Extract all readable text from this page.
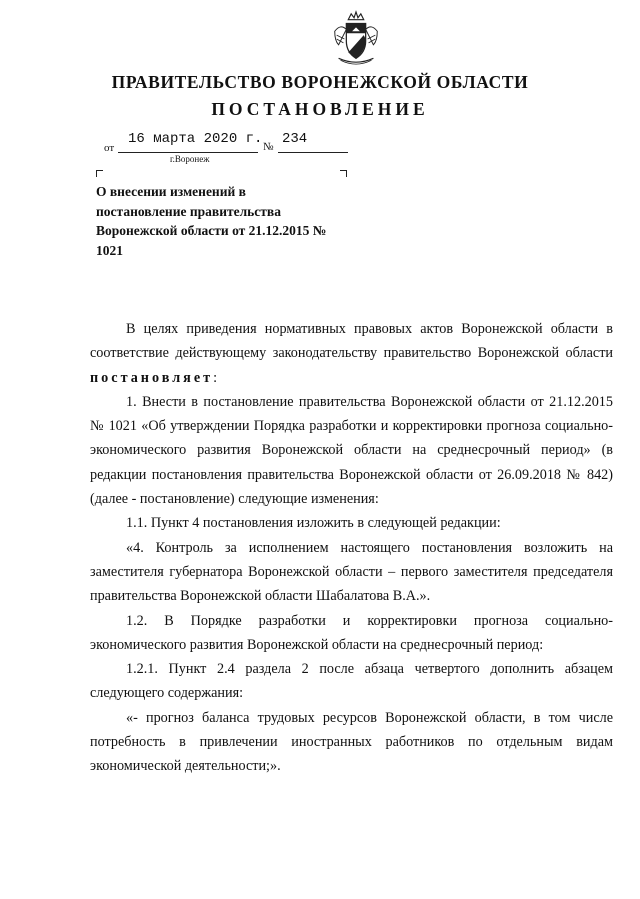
ПРАВИТЕЛЬСТВО ВОРОНЕЖСКОЙ ОБЛАСТИ
ПОСТАНОВЛЕНИЕ
от
16 марта 2020 г. № 234
г.Воронеж
О внесении изменений в постановление правительства Воронежской области от 21.12.2015 № 1021

В целях приведения нормативных правовых актов Воронежской области в соответствие действующему законодательству правительство Воронежской области постановляет:

1. Внести в постановление правительства Воронежской области от 21.12.2015 № 1021 «Об утверждении Порядка разработки и корректировки прогноза социально-экономического развития Воронежской области на среднесрочный период» (в редакции постановления правительства Воронежской области от 26.09.2018 № 842) (далее - постановление) следующие изменения:

1.1. Пункт 4 постановления изложить в следующей редакции:

«4. Контроль за исполнением настоящего постановления возложить на заместителя губернатора Воронежской области – первого заместителя председателя правительства Воронежской области Шабалатова В.А.».

1.2. В Порядке разработки и корректировки прогноза социально-экономического развития Воронежской области на среднесрочный период:

1.2.1. Пункт 2.4 раздела 2 после абзаца четвертого дополнить абзацем следующего содержания:

«- прогноз баланса трудовых ресурсов Воронежской области, в том числе потребность в привлечении иностранных работников по отдельным видам экономической деятельности;».
